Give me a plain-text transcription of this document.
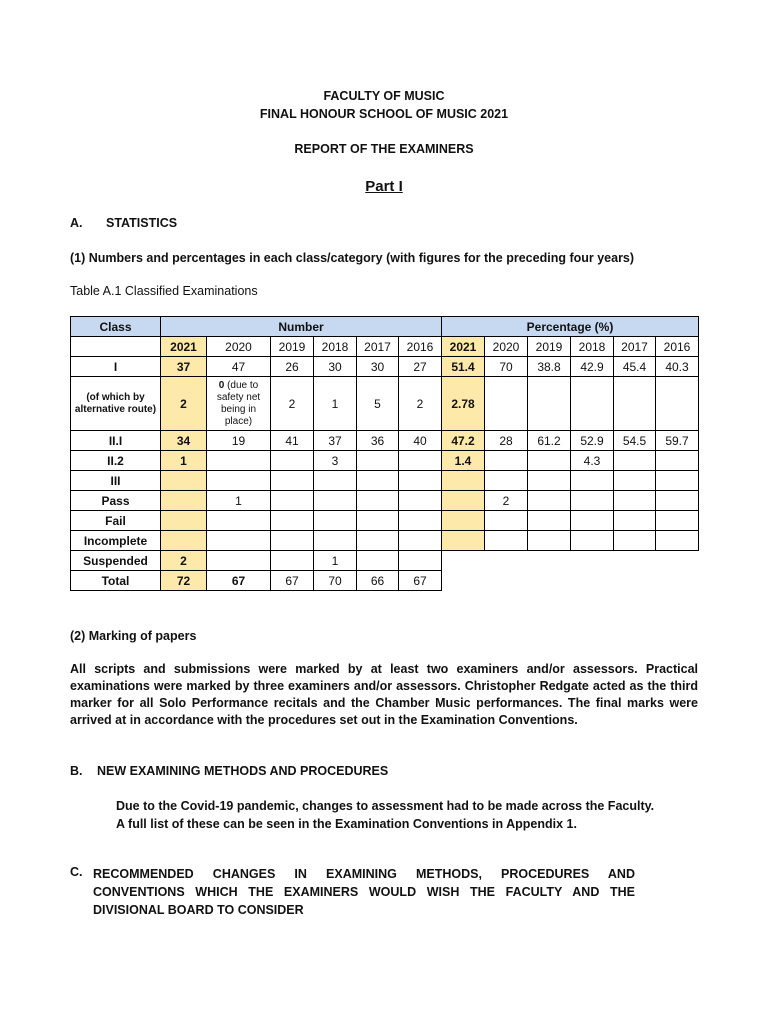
FACULTY OF MUSIC
FINAL HONOUR SCHOOL OF MUSIC 2021
REPORT OF THE EXAMINERS
Part I
A. STATISTICS
(1) Numbers and percentages in each class/category (with figures for the preceding four years)
Table A.1 Classified Examinations
Class	Number						Percentage (%)					
	2021	2020	2019	2018	2017	2016	2021	2020	2019	2018	2017	2016
I	37	47	26	30	30	27	51.4	70	38.8	42.9	45.4	40.3

(of which by alternative route)	2	0 (due to safety net being in place)	2	1	5	2	2.78					
II.I	34	19	41	37	36	40	47.2	28	61.2	52.9	54.5	59.7
II.2	1			3			1.4			4.3		
III												
Pass		1						2				
Fail												
Incomplete												
Suspended	2			1								
Total	72	67	67	70	66	67						
(2) Marking of papers
All scripts and submissions were marked by at least two examiners and/or assessors. Practical examinations were marked by three examiners and/or assessors. Christopher Redgate acted as the third marker for all Solo Performance recitals and the Chamber Music performances. The final marks were arrived at in accordance with the procedures set out in the Examination Conventions.
B. NEW EXAMINING METHODS AND PROCEDURES
Due to the Covid-19 pandemic, changes to assessment had to be made across the Faculty. A full list of these can be seen in the Examination Conventions in Appendix 1.
C. RECOMMENDED CHANGES IN EXAMINING METHODS, PROCEDURES AND CONVENTIONS WHICH THE EXAMINERS WOULD WISH THE FACULTY AND THE DIVISIONAL BOARD TO CONSIDER
